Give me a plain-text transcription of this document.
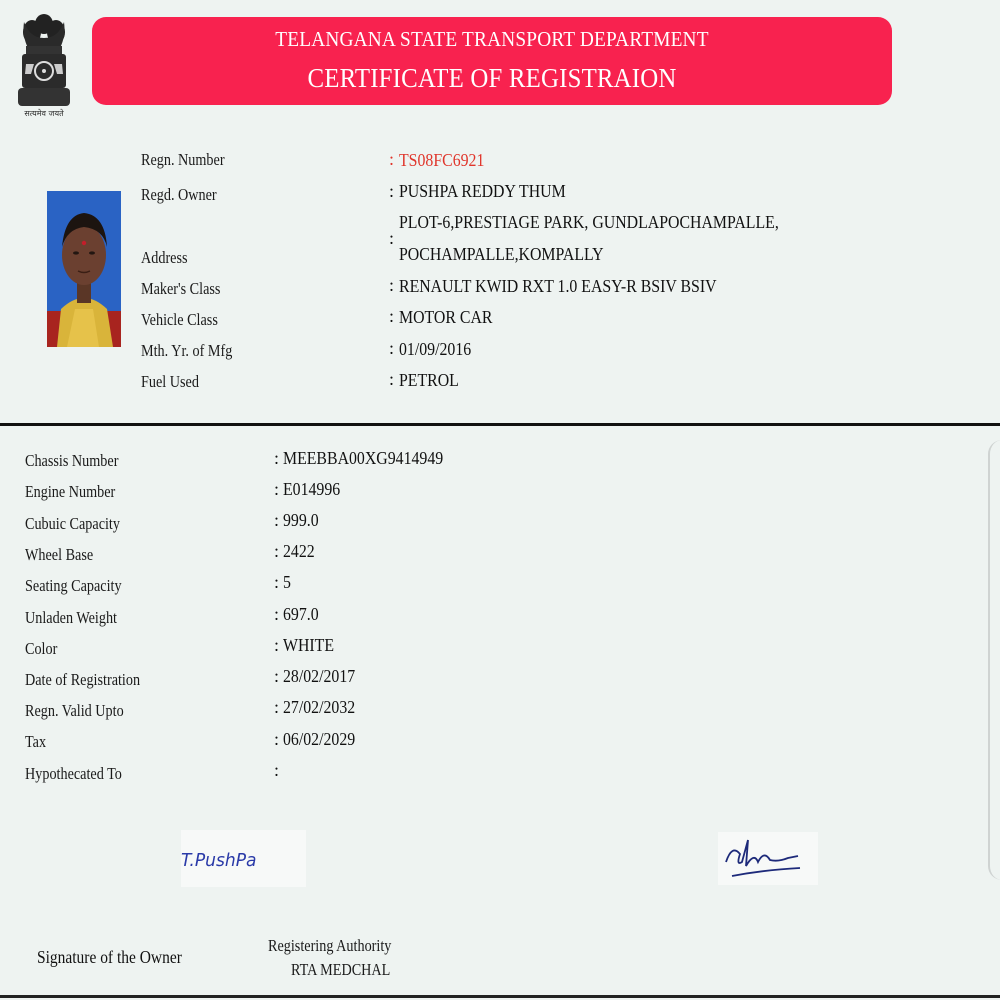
सत्यमेव जयते
TELANGANA STATE TRANSPORT DEPARTMENT
CERTIFICATE OF REGISTRAION
Regn. Number
Regd. Owner
Address
Maker's Class
Vehicle Class
Mth. Yr. of Mfg
Fuel Used
:
:
:
:
:
:
:
TS08FC6921
PUSHPA REDDY THUM
PLOT-6,PRESTIAGE PARK, GUNDLAPOCHAMPALLE,
POCHAMPALLE,KOMPALLY
RENAULT KWID RXT 1.0 EASY-R BSIV BSIV
MOTOR CAR
01/09/2016
PETROL
Chassis Number
Engine Number
Cubuic Capacity
Wheel Base
Seating Capacity
Unladen Weight
Color
Date of Registration
Regn. Valid Upto
Tax
Hypothecated To
:
:
:
:
:
:
:
:
:
:
:
MEEBBA00XG9414949
E014996
999.0
2422
5
697.0
WHITE
28/02/2017
27/02/2032
06/02/2029
T.PushPa
Signature of the Owner
Registering Authority
RTA MEDCHAL
